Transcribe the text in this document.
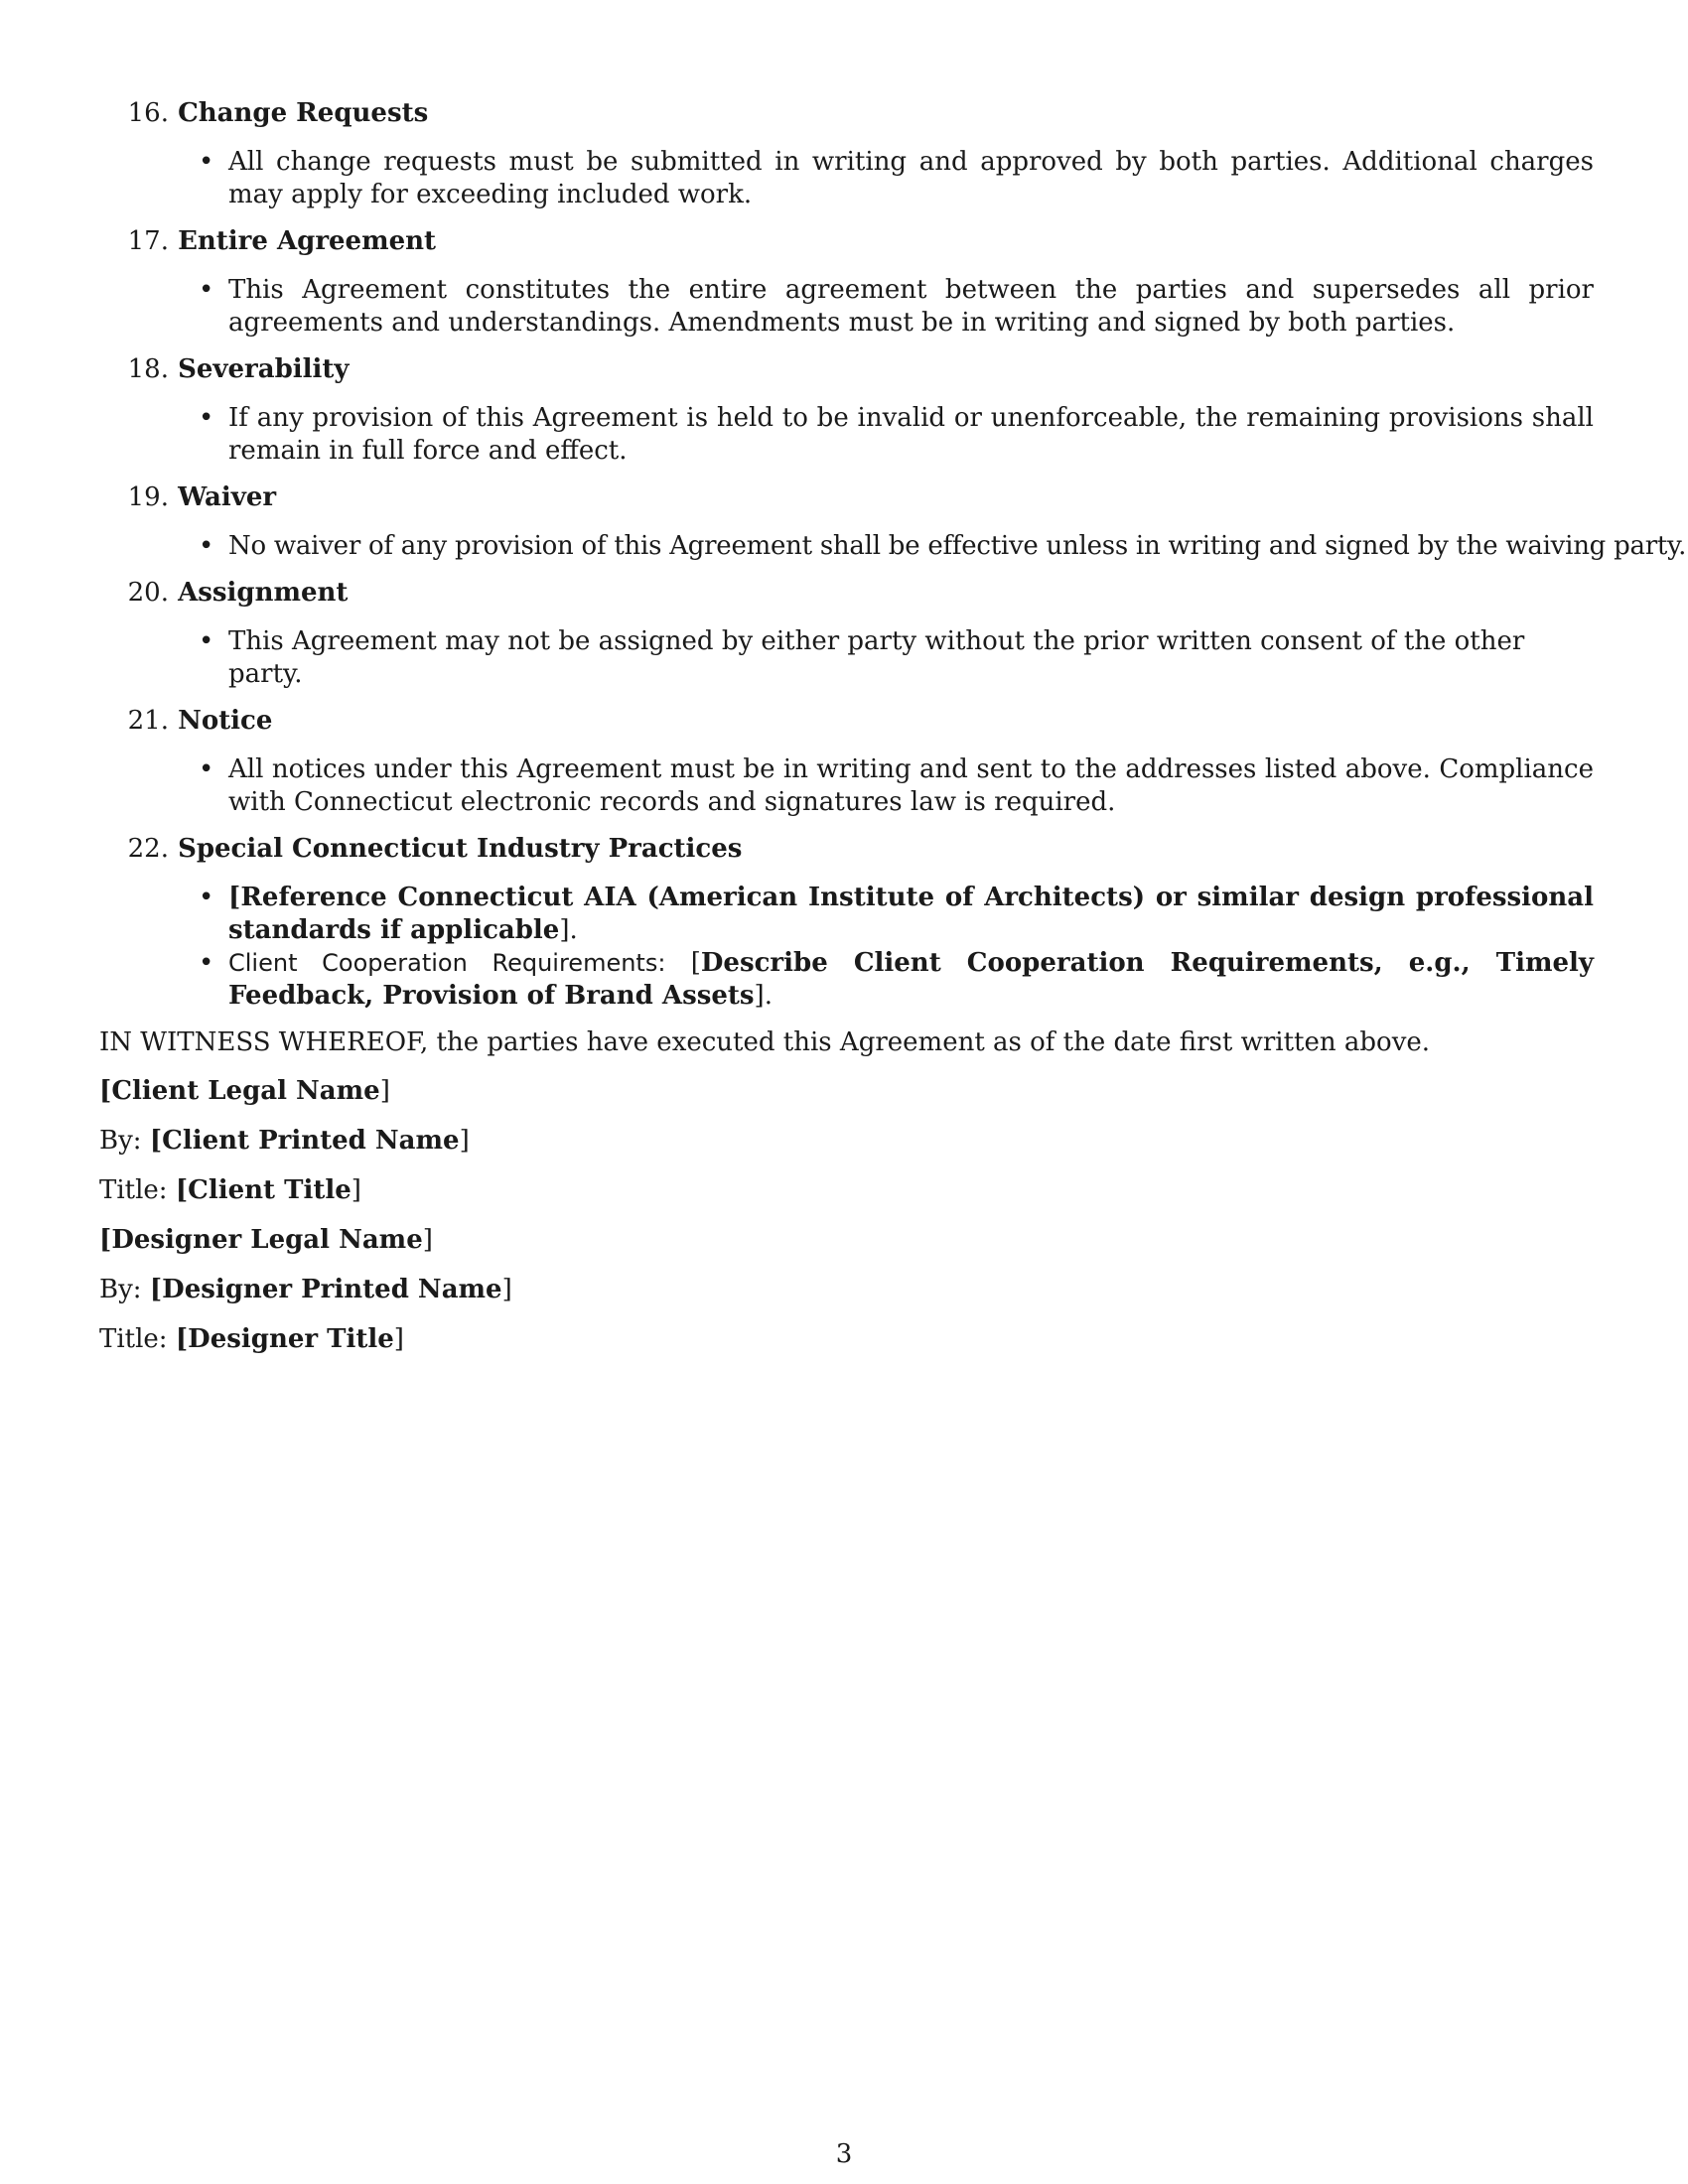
16. Change Requests
• All change requests must be submitted in writing and approved by both parties. Additional charges may apply for exceeding included work.
17. Entire Agreement
• This Agreement constitutes the entire agreement between the parties and supersedes all prior agreements and understandings. Amendments must be in writing and signed by both parties.
18. Severability
• If any provision of this Agreement is held to be invalid or unenforceable, the remaining provisions shall remain in full force and effect.
19. Waiver
• No waiver of any provision of this Agreement shall be effective unless in writing and signed by the waiving party.
20. Assignment
• This Agreement may not be assigned by either party without the prior written consent of the other party.
21. Notice
• All notices under this Agreement must be in writing and sent to the addresses listed above. Compliance with Connecticut electronic records and signatures law is required.
22. Special Connecticut Industry Practices
• [Reference Connecticut AIA (American Institute of Architects) or similar design professional standards if applicable].
• Client Cooperation Requirements: [Describe Client Cooperation Requirements, e.g., Timely Feedback, Provision of Brand Assets].
IN WITNESS WHEREOF, the parties have executed this Agreement as of the date first written above.
[Client Legal Name]
By: [Client Printed Name]
Title: [Client Title]
[Designer Legal Name]
By: [Designer Printed Name]
Title: [Designer Title]
3
